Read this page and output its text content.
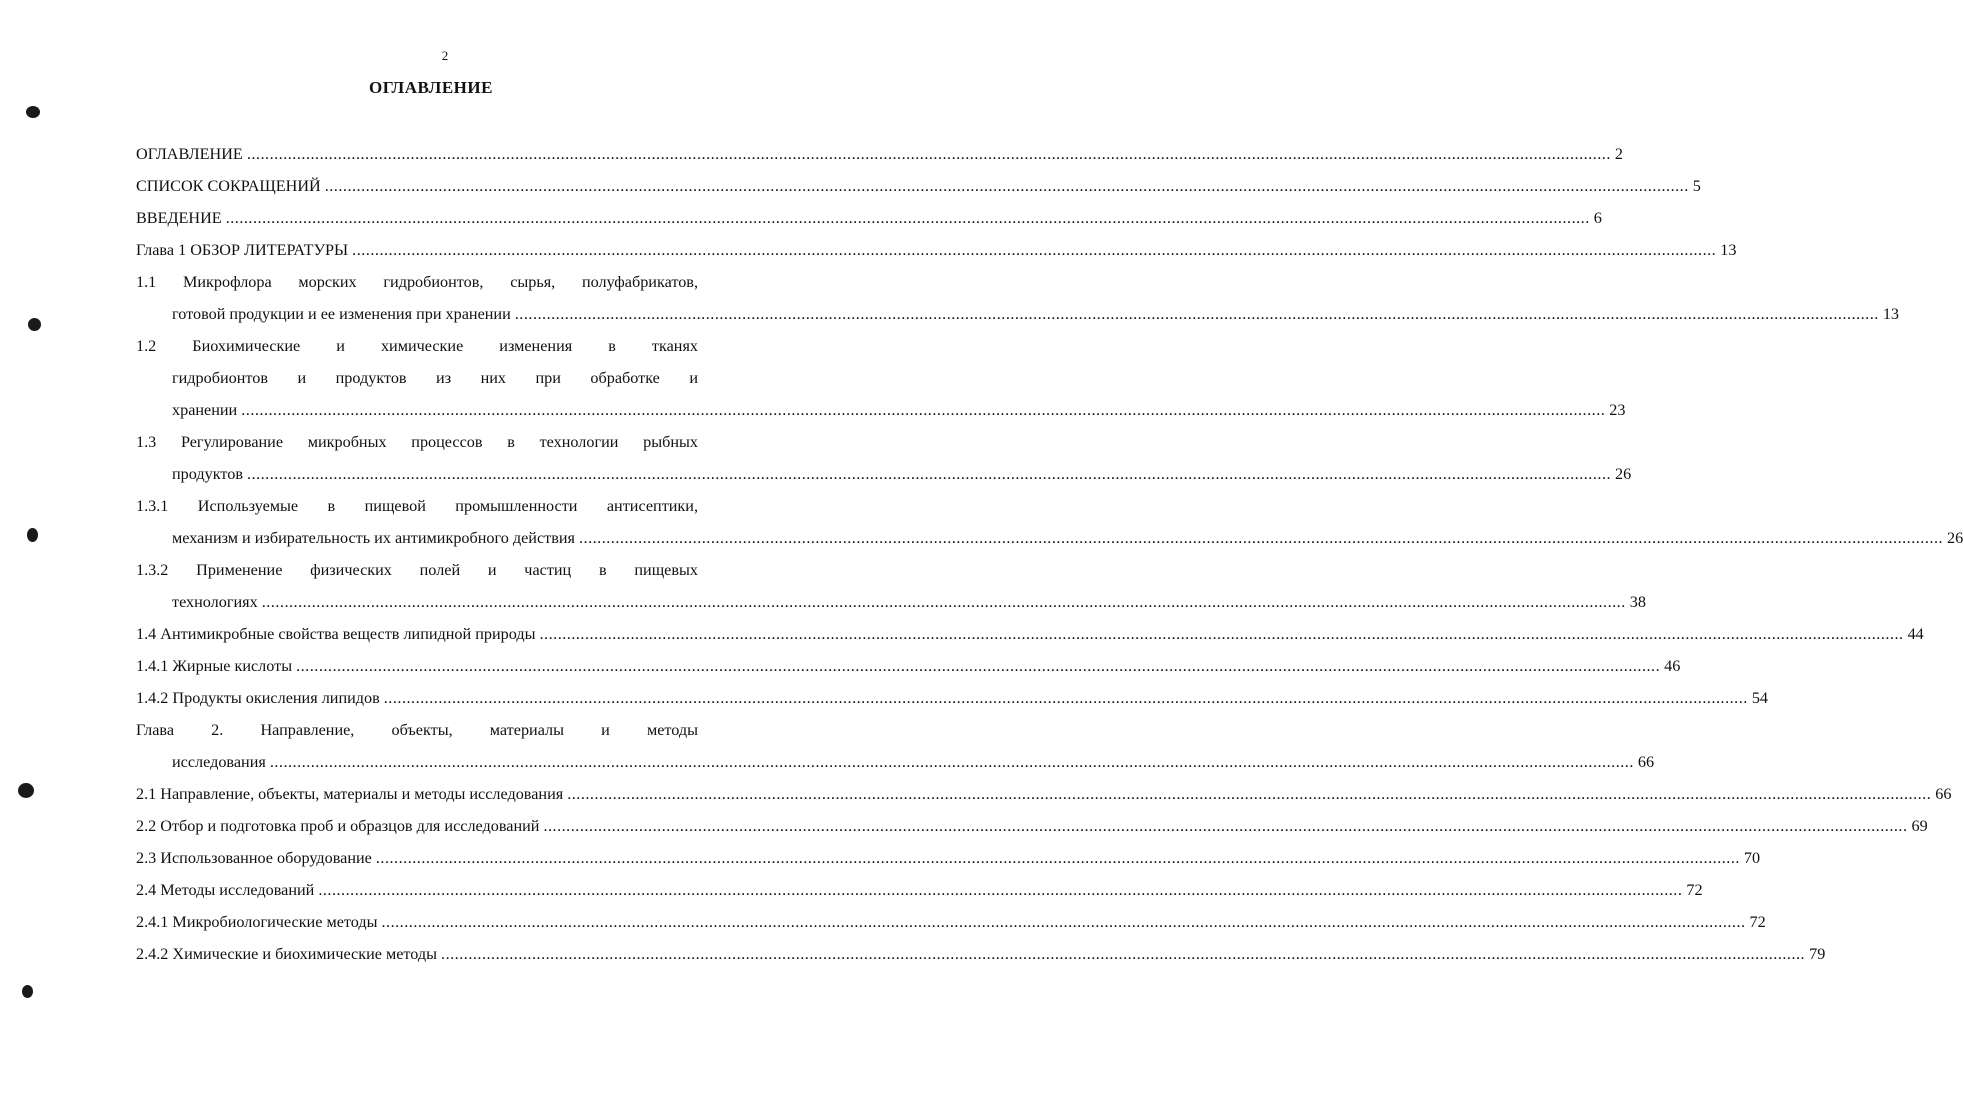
2
ОГЛАВЛЕНИЕ
ОГЛАВЛЕНИЕ ............................................................................................................................................................................................................................................................................................................ 2
СПИСОК СОКРАЩЕНИЙ ............................................................................................................................................................................................................................................................................................................ 5
ВВЕДЕНИЕ ............................................................................................................................................................................................................................................................................................................ 6
Глава 1 ОБЗОР ЛИТЕРАТУРЫ ............................................................................................................................................................................................................................................................................................................ 13
1.1 Микрофлора морских гидробионтов, сырья, полуфабрикатов,
готовой продукции и ее изменения при хранении ............................................................................................................................................................................................................................................................................................................ 13
1.2 Биохимические и химические изменения в тканях
гидробионтов и продуктов из них при обработке и
хранении ............................................................................................................................................................................................................................................................................................................ 23
1.3 Регулирование микробных процессов в технологии рыбных
продуктов ............................................................................................................................................................................................................................................................................................................ 26
1.3.1 Используемые в пищевой промышленности антисептики,
механизм и избирательность их антимикробного действия ............................................................................................................................................................................................................................................................................................................ 26
1.3.2 Применение физических полей и частиц в пищевых
технологиях ............................................................................................................................................................................................................................................................................................................ 38
1.4 Антимикробные свойства веществ липидной природы ............................................................................................................................................................................................................................................................................................................ 44
1.4.1 Жирные кислоты ............................................................................................................................................................................................................................................................................................................ 46
1.4.2 Продукты окисления липидов ............................................................................................................................................................................................................................................................................................................ 54
Глава 2. Направление, объекты, материалы и методы
исследования ............................................................................................................................................................................................................................................................................................................ 66
2.1 Направление, объекты, материалы и методы исследования ............................................................................................................................................................................................................................................................................................................ 66
2.2 Отбор и подготовка проб и образцов для исследований ............................................................................................................................................................................................................................................................................................................ 69
2.3 Использованное оборудование ............................................................................................................................................................................................................................................................................................................ 70
2.4 Методы исследований ............................................................................................................................................................................................................................................................................................................ 72
2.4.1 Микробиологические методы ............................................................................................................................................................................................................................................................................................................ 72
2.4.2 Химические и биохимические методы ............................................................................................................................................................................................................................................................................................................ 79
